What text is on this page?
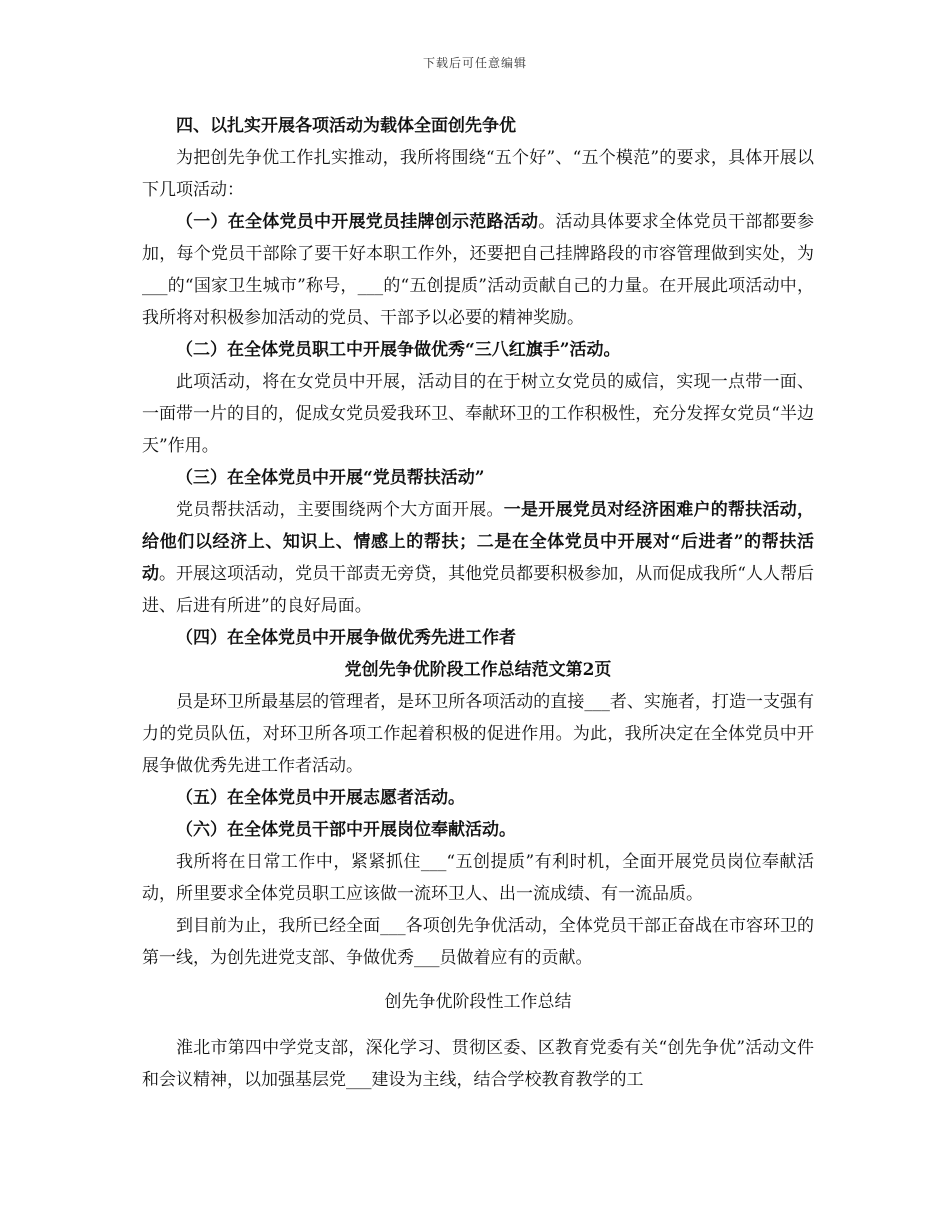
下载后可任意编辑

四、以扎实开展各项活动为载体全面创先争优

为把创先争优工作扎实推动，我所将围绕“五个好”、“五个模范”的要求，具体开展以下几项活动：

（一）在全体党员中开展党员挂牌创示范路活动。活动具体要求全体党员干部都要参加，每个党员干部除了要干好本职工作外，还要把自己挂牌路段的市容管理做到实处，为___的“国家卫生城市”称号，___的“五创提质”活动贡献自己的力量。在开展此项活动中，我所将对积极参加活动的党员、干部予以必要的精神奖励。

（二）在全体党员职工中开展争做优秀“三八红旗手”活动。

此项活动，将在女党员中开展，活动目的在于树立女党员的威信，实现一点带一面、一面带一片的目的，促成女党员爱我环卫、奉献环卫的工作积极性，充分发挥女党员“半边天”作用。

（三）在全体党员中开展“党员帮扶活动”

党员帮扶活动，主要围绕两个大方面开展。一是开展党员对经济困难户的帮扶活动，给他们以经济上、知识上、情感上的帮扶；二是在全体党员中开展对“后进者”的帮扶活动。开展这项活动，党员干部责无旁贷，其他党员都要积极参加，从而促成我所“人人帮后进、后进有所进”的良好局面。

（四）在全体党员中开展争做优秀先进工作者

党创先争优阶段工作总结范文第2页

员是环卫所最基层的管理者，是环卫所各项活动的直接___者、实施者，打造一支强有力的党员队伍，对环卫所各项工作起着积极的促进作用。为此，我所决定在全体党员中开展争做优秀先进工作者活动。

（五）在全体党员中开展志愿者活动。

（六）在全体党员干部中开展岗位奉献活动。

我所将在日常工作中，紧紧抓住___“五创提质”有利时机，全面开展党员岗位奉献活动，所里要求全体党员职工应该做一流环卫人、出一流成绩、有一流品质。

到目前为止，我所已经全面___各项创先争优活动，全体党员干部正奋战在市容环卫的第一线，为创先进党支部、争做优秀___员做着应有的贡献。

创先争优阶段性工作总结

淮北市第四中学党支部，深化学习、贯彻区委、区教育党委有关“创先争优”活动文件和会议精神，以加强基层党___建设为主线，结合学校教育教学的工
